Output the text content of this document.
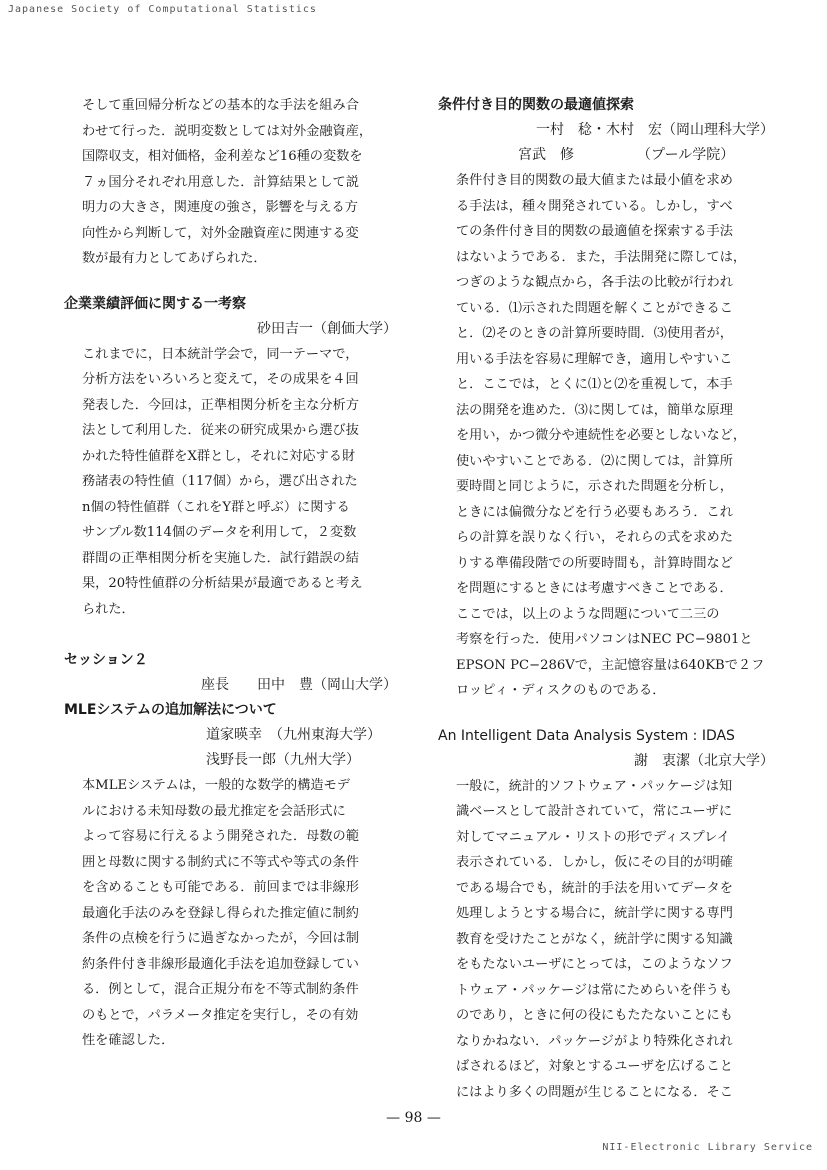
Japanese Society of Computational Statistics
そして重回帰分析などの基本的な手法を組み合
わせて行った．説明変数としては対外金融資産，
国際収支，相対価格，金利差など16種の変数を
７ヵ国分それぞれ用意した．計算結果として説
明力の大きさ，関連度の強さ，影響を与える方
向性から判断して，対外金融資産に関連する変
数が最有力としてあげられた．
企業業績評価に関する一考察
砂田吉一（創価大学）
これまでに，日本統計学会で，同一テーマで，
分析方法をいろいろと変えて，その成果を４回
発表した．今回は，正準相関分析を主な分析方
法として利用した．従来の研究成果から選び抜
かれた特性値群をX群とし，それに対応する財
務諸表の特性値（117個）から，選び出された
n個の特性値群（これをY群と呼ぶ）に関する
サンプル数114個のデータを利用して，２変数
群間の正準相関分析を実施した．試行錯誤の結
果，20特性値群の分析結果が最適であると考え
られた．
セッション２
座長　　田中　豊（岡山大学）
MLEシステムの追加解法について
道家暎幸　（九州東海大学）
浅野長一郎（九州大学）
本MLEシステムは，一般的な数学的構造モデ
ルにおける未知母数の最尤推定を会話形式に
よって容易に行えるよう開発された．母数の範
囲と母数に関する制約式に不等式や等式の条件
を含めることも可能である．前回までは非線形
最適化手法のみを登録し得られた推定値に制約
条件の点検を行うに過ぎなかったが，今回は制
約条件付き非線形最適化手法を追加登録してい
る．例として，混合正規分布を不等式制約条件
のもとで，パラメータ推定を実行し，その有効
性を確認した．
条件付き目的関数の最適値探索
一村　稔・木村　宏（岡山理科大学）
宮武　修　　　　　（プール学院）
条件付き目的関数の最大値または最小値を求め
る手法は，種々開発されている。しかし，すべ
ての条件付き目的関数の最適値を探索する手法
はないようである．また，手法開発に際しては，
つぎのような観点から，各手法の比較が行われ
ている．⑴示された問題を解くことができるこ
と．⑵そのときの計算所要時間．⑶使用者が，
用いる手法を容易に理解でき，適用しやすいこ
と．ここでは，とくに⑴と⑵を重視して，本手
法の開発を進めた．⑶に関しては，簡単な原理
を用い，かつ微分や連続性を必要としないなど，
使いやすいことである．⑵に関しては，計算所
要時間と同じように，示された問題を分析し，
ときには偏微分などを行う必要もあろう．これ
らの計算を誤りなく行い，それらの式を求めた
りする準備段階での所要時間も，計算時間など
を問題にするときには考慮すべきことである．
ここでは，以上のような問題について二三の
考察を行った．使用パソコンはNEC PC−9801と
EPSON PC−286Vで，主記憶容量は640KBで２フ
ロッピィ・ディスクのものである．
An Intelligent Data Analysis System : IDAS
謝　衷潔（北京大学）
一般に，統計的ソフトウェア・パッケージは知
識ベースとして設計されていて，常にユーザに
対してマニュアル・リストの形でディスプレイ
表示されている．しかし，仮にその目的が明確
である場合でも，統計的手法を用いてデータを
処理しようとする場合に，統計学に関する専門
教育を受けたことがなく，統計学に関する知識
をもたないユーザにとっては，このようなソフ
トウェア・パッケージは常にためらいを伴うも
のであり，ときに何の役にもたたないことにも
なりかねない．パッケージがより特殊化されれ
ばされるほど，対象とするユーザを広げること
にはより多くの問題が生じることになる．そこ
— 98 —
NII-Electronic Library Service
